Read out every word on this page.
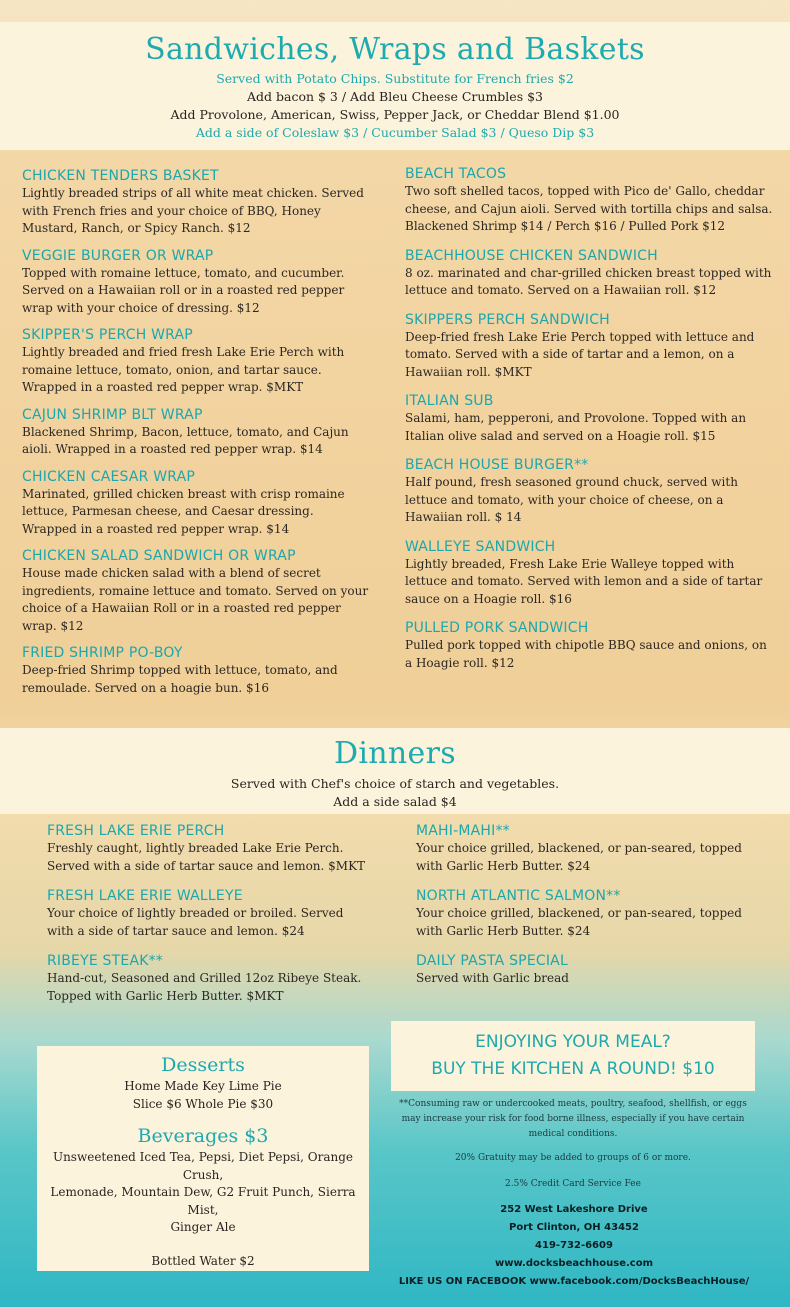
Sandwiches, Wraps and Baskets
Served with Potato Chips. Substitute for French fries $2
Add bacon $ 3 / Add Bleu Cheese Crumbles $3
Add Provolone, American, Swiss, Pepper Jack, or Cheddar Blend $1.00
Add a side of Coleslaw $3 / Cucumber Salad $3 / Queso Dip $3
CHICKEN TENDERS BASKET
Lightly breaded strips of all white meat chicken. Served with French fries and your choice of BBQ, Honey Mustard, Ranch, or Spicy Ranch. $12
VEGGIE BURGER OR WRAP
Topped with romaine lettuce, tomato, and cucumber. Served on a Hawaiian roll or in a roasted red pepper wrap with your choice of dressing. $12
SKIPPER'S PERCH WRAP
Lightly breaded and fried fresh Lake Erie Perch with romaine lettuce, tomato, onion, and tartar sauce. Wrapped in a roasted red pepper wrap. $MKT
CAJUN SHRIMP BLT WRAP
Blackened Shrimp, Bacon, lettuce, tomato, and Cajun aioli. Wrapped in a roasted red pepper wrap. $14
CHICKEN CAESAR WRAP
Marinated, grilled chicken breast with crisp romaine lettuce, Parmesan cheese, and Caesar dressing. Wrapped in a roasted red pepper wrap. $14
CHICKEN SALAD SANDWICH OR WRAP
House made chicken salad with a blend of secret ingredients, romaine lettuce and tomato. Served on your choice of a Hawaiian Roll or in a roasted red pepper wrap. $12
FRIED SHRIMP PO-BOY
Deep-fried Shrimp topped with lettuce, tomato, and remoulade. Served on a hoagie bun. $16
BEACH TACOS
Two soft shelled tacos, topped with Pico de' Gallo, cheddar cheese, and Cajun aioli. Served with tortilla chips and salsa. Blackened Shrimp $14 / Perch $16 / Pulled Pork $12
BEACHHOUSE CHICKEN SANDWICH
8 oz. marinated and char-grilled chicken breast topped with lettuce and tomato. Served on a Hawaiian roll. $12
SKIPPERS PERCH SANDWICH
Deep-fried fresh Lake Erie Perch topped with lettuce and tomato. Served with a side of tartar and a lemon, on a Hawaiian roll. $MKT
ITALIAN SUB
Salami, ham, pepperoni, and Provolone. Topped with an Italian olive salad and served on a Hoagie roll. $15
BEACH HOUSE BURGER**
Half pound, fresh seasoned ground chuck, served with lettuce and tomato, with your choice of cheese, on a Hawaiian roll. $ 14
WALLEYE SANDWICH
Lightly breaded, Fresh Lake Erie Walleye topped with lettuce and tomato. Served with lemon and a side of tartar sauce on a Hoagie roll. $16
PULLED PORK SANDWICH
Pulled pork topped with chipotle BBQ sauce and onions, on a Hoagie roll. $12
Dinners
Served with Chef's choice of starch and vegetables.
Add a side salad $4
FRESH LAKE ERIE PERCH
Freshly caught, lightly breaded Lake Erie Perch. Served with a side of tartar sauce and lemon. $MKT
FRESH LAKE ERIE WALLEYE
Your choice of lightly breaded or broiled. Served with a side of tartar sauce and lemon. $24
RIBEYE STEAK**
Hand-cut, Seasoned and Grilled 12oz Ribeye Steak. Topped with Garlic Herb Butter. $MKT
MAHI-MAHI**
Your choice grilled, blackened, or pan-seared, topped with Garlic Herb Butter. $24
NORTH ATLANTIC SALMON**
Your choice grilled, blackened, or pan-seared, topped with Garlic Herb Butter. $24
DAILY PASTA SPECIAL
Served with Garlic bread
Desserts
Home Made Key Lime Pie
Slice $6 Whole Pie $30
Beverages $3
Unsweetened Iced Tea, Pepsi, Diet Pepsi, Orange Crush,
Lemonade, Mountain Dew, G2 Fruit Punch, Sierra Mist,
Ginger Ale
Bottled Water $2
ENJOYING YOUR MEAL?
BUY THE KITCHEN A ROUND! $10
**Consuming raw or undercooked meats, poultry, seafood, shellfish, or eggs may increase your risk for food borne illness, especially if you have certain medical conditions.
20% Gratuity may be added to groups of 6 or more.
2.5% Credit Card Service Fee
252 West Lakeshore Drive
Port Clinton, OH 43452
419-732-6609
www.docksbeachhouse.com
LIKE US ON FACEBOOK www.facebook.com/DocksBeachHouse/
